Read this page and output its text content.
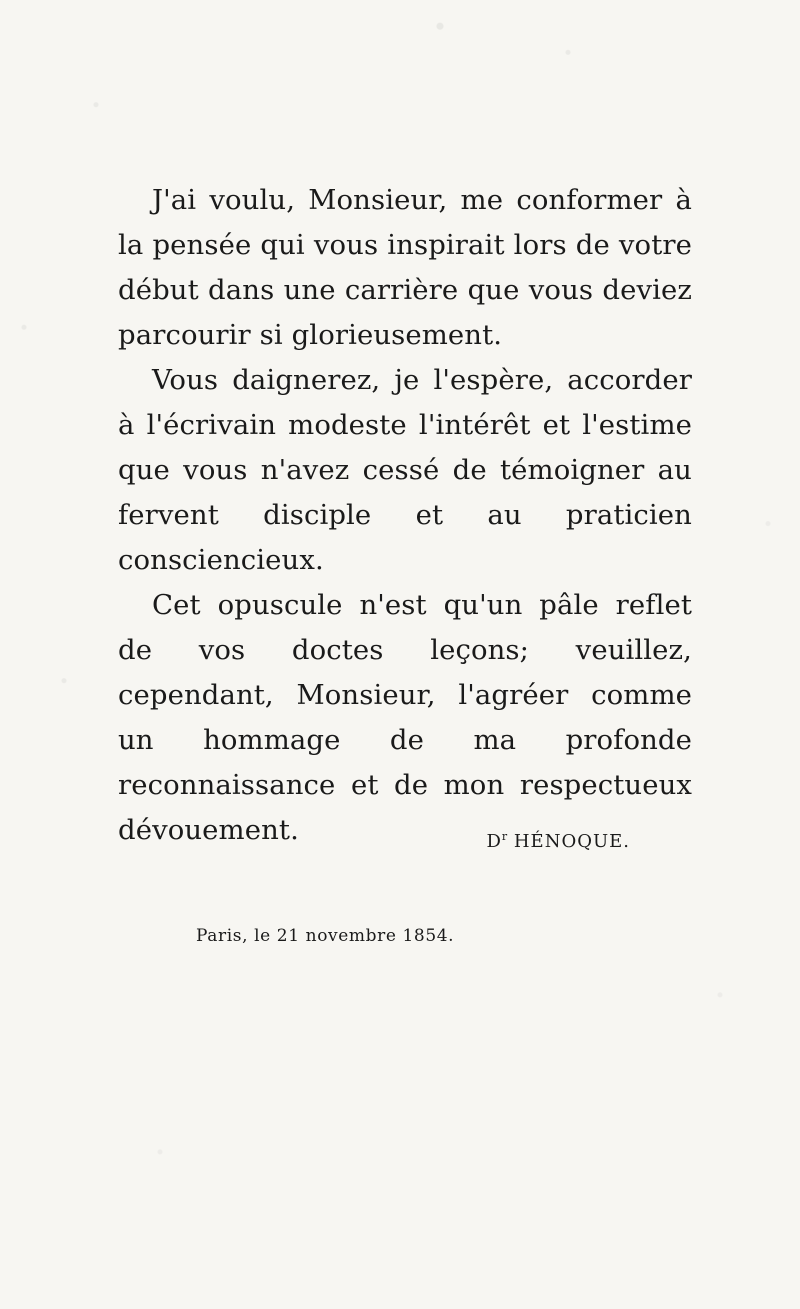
J'ai voulu, Monsieur, me conformer à la pensée qui vous inspirait lors de votre début dans une carrière que vous deviez parcourir si glorieusement.

Vous daignerez, je l'espère, accorder à l'écrivain modeste l'intérêt et l'estime que vous n'avez cessé de témoigner au fervent disciple et au praticien consciencieux.

Cet opuscule n'est qu'un pâle reflet de vos doctes leçons; veuillez, cependant, Monsieur, l'agréer comme un hommage de ma profonde reconnaissance et de mon respectueux dévouement.	$D^r$ HÉNOQUE.
Paris, le 21 novembre 1854.
